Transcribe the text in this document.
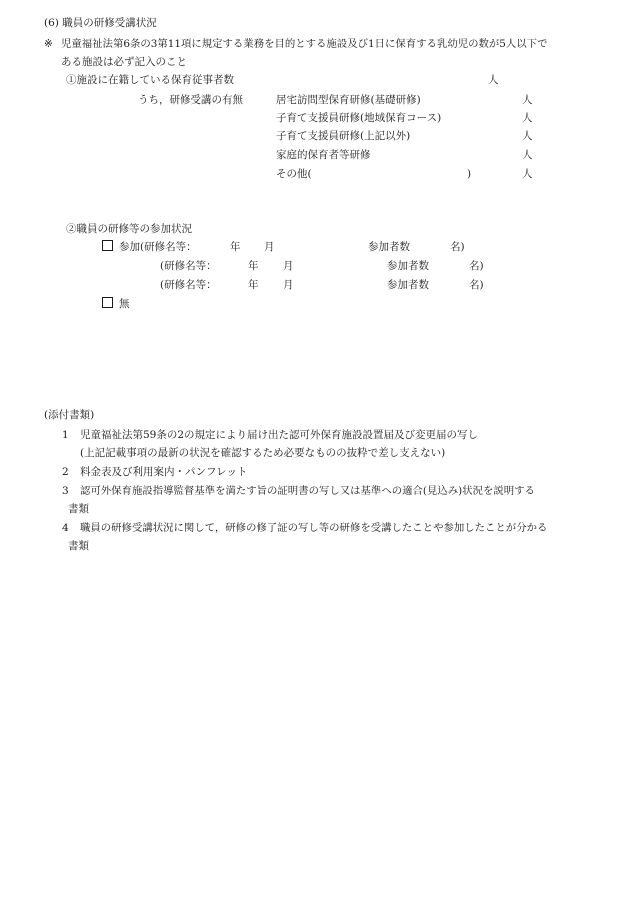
(6) 職員の研修受講状況
※ 児童福祉法第6条の3第11項に規定する業務を目的とする施設及び1日に保育する乳幼児の数が5人以下で
ある施設は必ず記入のこと
①施設に在籍している保育従事者数	人
うち，研修受講の有無	居宅訪問型保育研修(基礎研修)	人
子育て支援員研修(地域保育コース)	人
子育て支援員研修(上記以外)	人
家庭的保育者等研修	人
その他(	)	人
②職員の研修等の参加状況
参加(研修名等：	年 月	参加者数	名)
(研修名等：	年 月	参加者数	名)
(研修名等：	年 月	参加者数	名)
無
(添付書類)
1 児童福祉法第59条の2の規定により届け出た認可外保育施設設置届及び変更届の写し
(上記記載事項の最新の状況を確認するため必要なものの抜粋で差し支えない)
2 料金表及び利用案内・パンフレット
3 認可外保育施設指導監督基準を満たす旨の証明書の写し又は基準への適合(見込み)状況を説明する
書類
4 職員の研修受講状況に関して，研修の修了証の写し等の研修を受講したことや参加したことが分かる
書類
